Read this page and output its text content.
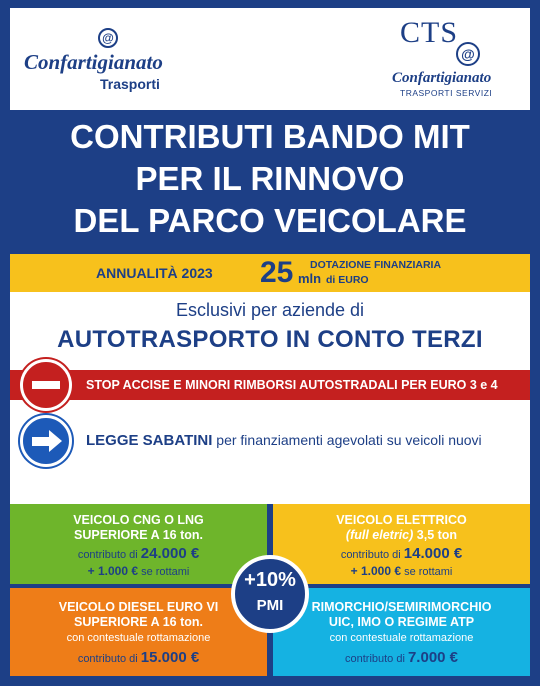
@
Confartigianato
Trasporti
CTS
@
Confartigianato
TRASPORTI SERVIZI
CONTRIBUTI BANDO MIT
PER IL RINNOVO
DEL PARCO VEICOLARE
ANNUALITÀ 2023 25 mln
DOTAZIONE FINANZIARIA
di EURO
Esclusivi per aziende di
AUTOTRASPORTO IN CONTO TERZI
STOP ACCISE E MINORI RIMBORSI AUTOSTRADALI PER EURO 3 e 4
LEGGE SABATINI per finanziamenti agevolati su veicoli nuovi
ESEMPI DI CONTRIBUZIONE
VEICOLO CNG O LNG
SUPERIORE A 16 ton.
contributo di 24.000 €
+ 1.000 € se rottami
VEICOLO ELETTRICO
(full eletric) 3,5 ton
contributo di 14.000 €
+ 1.000 € se rottami
VEICOLO DIESEL EURO VI
SUPERIORE A 16 ton.
con contestuale rottamazione
contributo di 15.000 €
RIMORCHIO/SEMIRIMORCHIO
UIC, IMO O REGIME ATP
con contestuale rottamazione
contributo di 7.000 €
+10%
PMI
